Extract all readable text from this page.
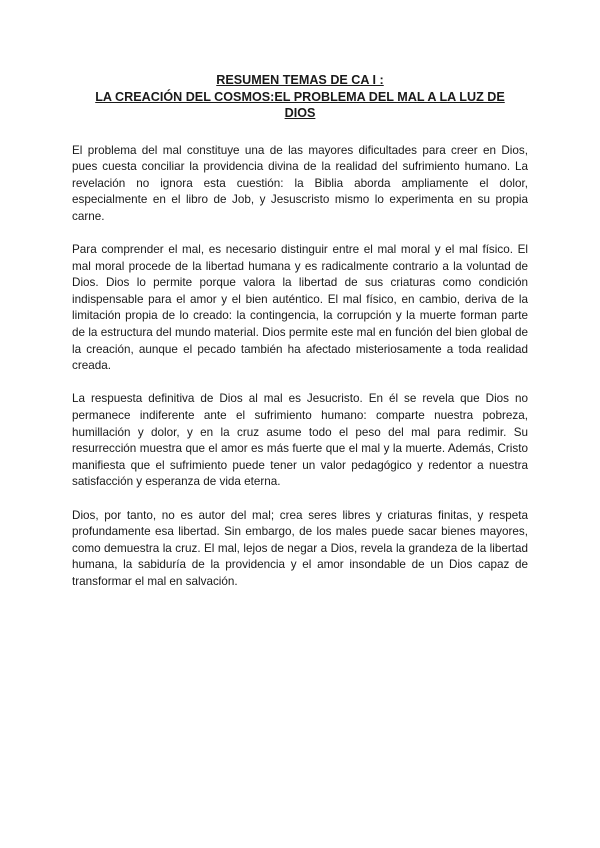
RESUMEN TEMAS DE CA I :
LA CREACIÓN DEL COSMOS:EL PROBLEMA DEL MAL A LA LUZ DE
DIOS

El problema del mal constituye una de las mayores dificultades para creer en Dios, pues cuesta conciliar la providencia divina de la realidad del sufrimiento humano. La revelación no ignora esta cuestión: la Biblia aborda ampliamente el dolor, especialmente en el libro de Job, y Jesuscristo mismo lo experimenta en su propia carne.

Para comprender el mal, es necesario distinguir entre el mal moral y el mal físico. El mal moral procede de la libertad humana y es radicalmente contrario a la voluntad de Dios. Dios lo permite porque valora la libertad de sus criaturas como condición indispensable para el amor y el bien auténtico. El mal físico, en cambio, deriva de la limitación propia de lo creado: la contingencia, la corrupción y la muerte forman parte de la estructura del mundo material. Dios permite este mal en función del bien global de la creación, aunque el pecado también ha afectado misteriosamente a toda realidad creada.

La respuesta definitiva de Dios al mal es Jesucristo. En él se revela que Dios no permanece indiferente ante el sufrimiento humano: comparte nuestra pobreza, humillación y dolor, y en la cruz asume todo el peso del mal para redimir. Su resurrección muestra que el amor es más fuerte que el mal y la muerte. Además, Cristo manifiesta que el sufrimiento puede tener un valor pedagógico y redentor a nuestra satisfacción y esperanza de vida eterna.

Dios, por tanto, no es autor del mal; crea seres libres y criaturas finitas, y respeta profundamente esa libertad. Sin embargo, de los males puede sacar bienes mayores, como demuestra la cruz. El mal, lejos de negar a Dios, revela la grandeza de la libertad humana, la sabiduría de la providencia y el amor insondable de un Dios capaz de transformar el mal en salvación.
